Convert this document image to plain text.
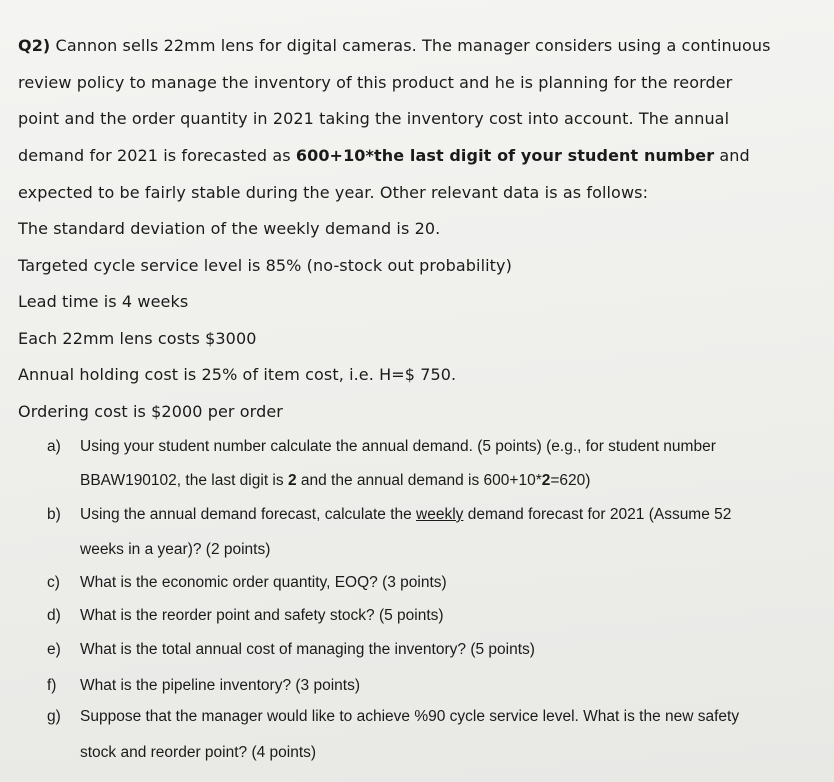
Q2) Cannon sells 22mm lens for digital cameras. The manager considers using a continuous
review policy to manage the inventory of this product and he is planning for the reorder
point and the order quantity in 2021 taking the inventory cost into account. The annual
demand for 2021 is forecasted as 600+10*the last digit of your student number and
expected to be fairly stable during the year. Other relevant data is as follows:
The standard deviation of the weekly demand is 20.
Targeted cycle service level is 85% (no-stock out probability)
Lead time is 4 weeks
Each 22mm lens costs $3000
Annual holding cost is 25% of item cost, i.e. H=$ 750.
Ordering cost is $2000 per order
a) Using your student number calculate the annual demand. (5 points) (e.g., for student number
BBAW190102, the last digit is 2 and the annual demand is 600+10*2=620)
b) Using the annual demand forecast, calculate the weekly demand forecast for 2021 (Assume 52
weeks in a year)? (2 points)
c) What is the economic order quantity, EOQ? (3 points)
d) What is the reorder point and safety stock? (5 points)
e) What is the total annual cost of managing the inventory? (5 points)
f) What is the pipeline inventory? (3 points)
g) Suppose that the manager would like to achieve %90 cycle service level. What is the new safety
stock and reorder point? (4 points)
